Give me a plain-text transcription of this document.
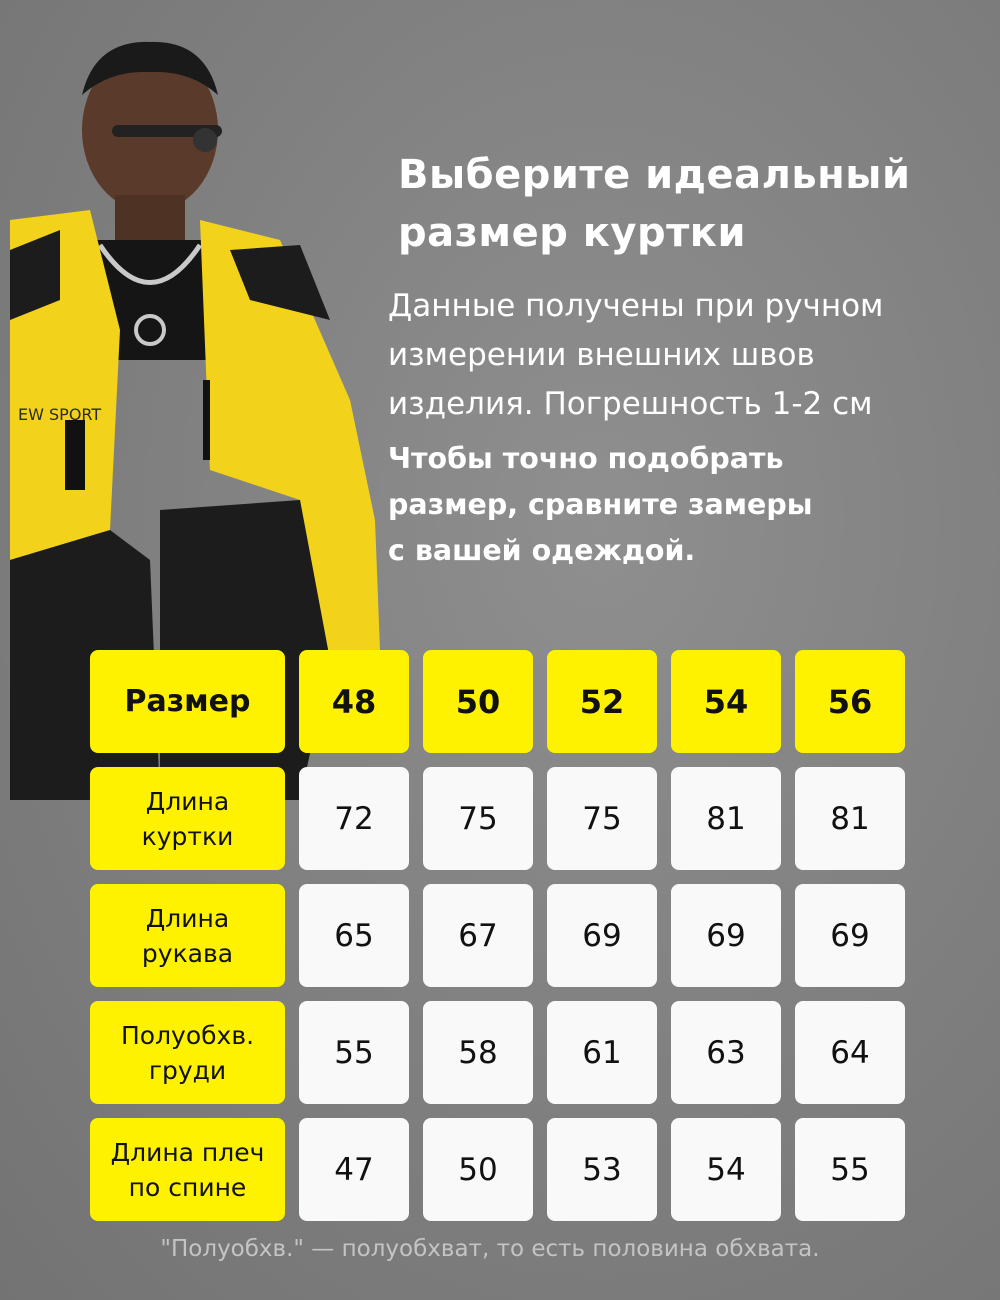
EW SPORT
Выберите идеальный
размер куртки

Данные получены при ручном
измерении внешних швов
изделия. Погрешность 1-2 см

Чтобы точно подобрать
размер, сравните замеры
с вашей одеждой.

Размер	48	50	52	54	56
Длина
куртки	72	75	75	81	81
Длина
рукава	65	67	69	69	69
Полуобхв.
груди	55	58	61	63	64
Длина плеч
по спине	47	50	53	54	55

"Полуобхв." — полуобхват, то есть половина обхвата.
